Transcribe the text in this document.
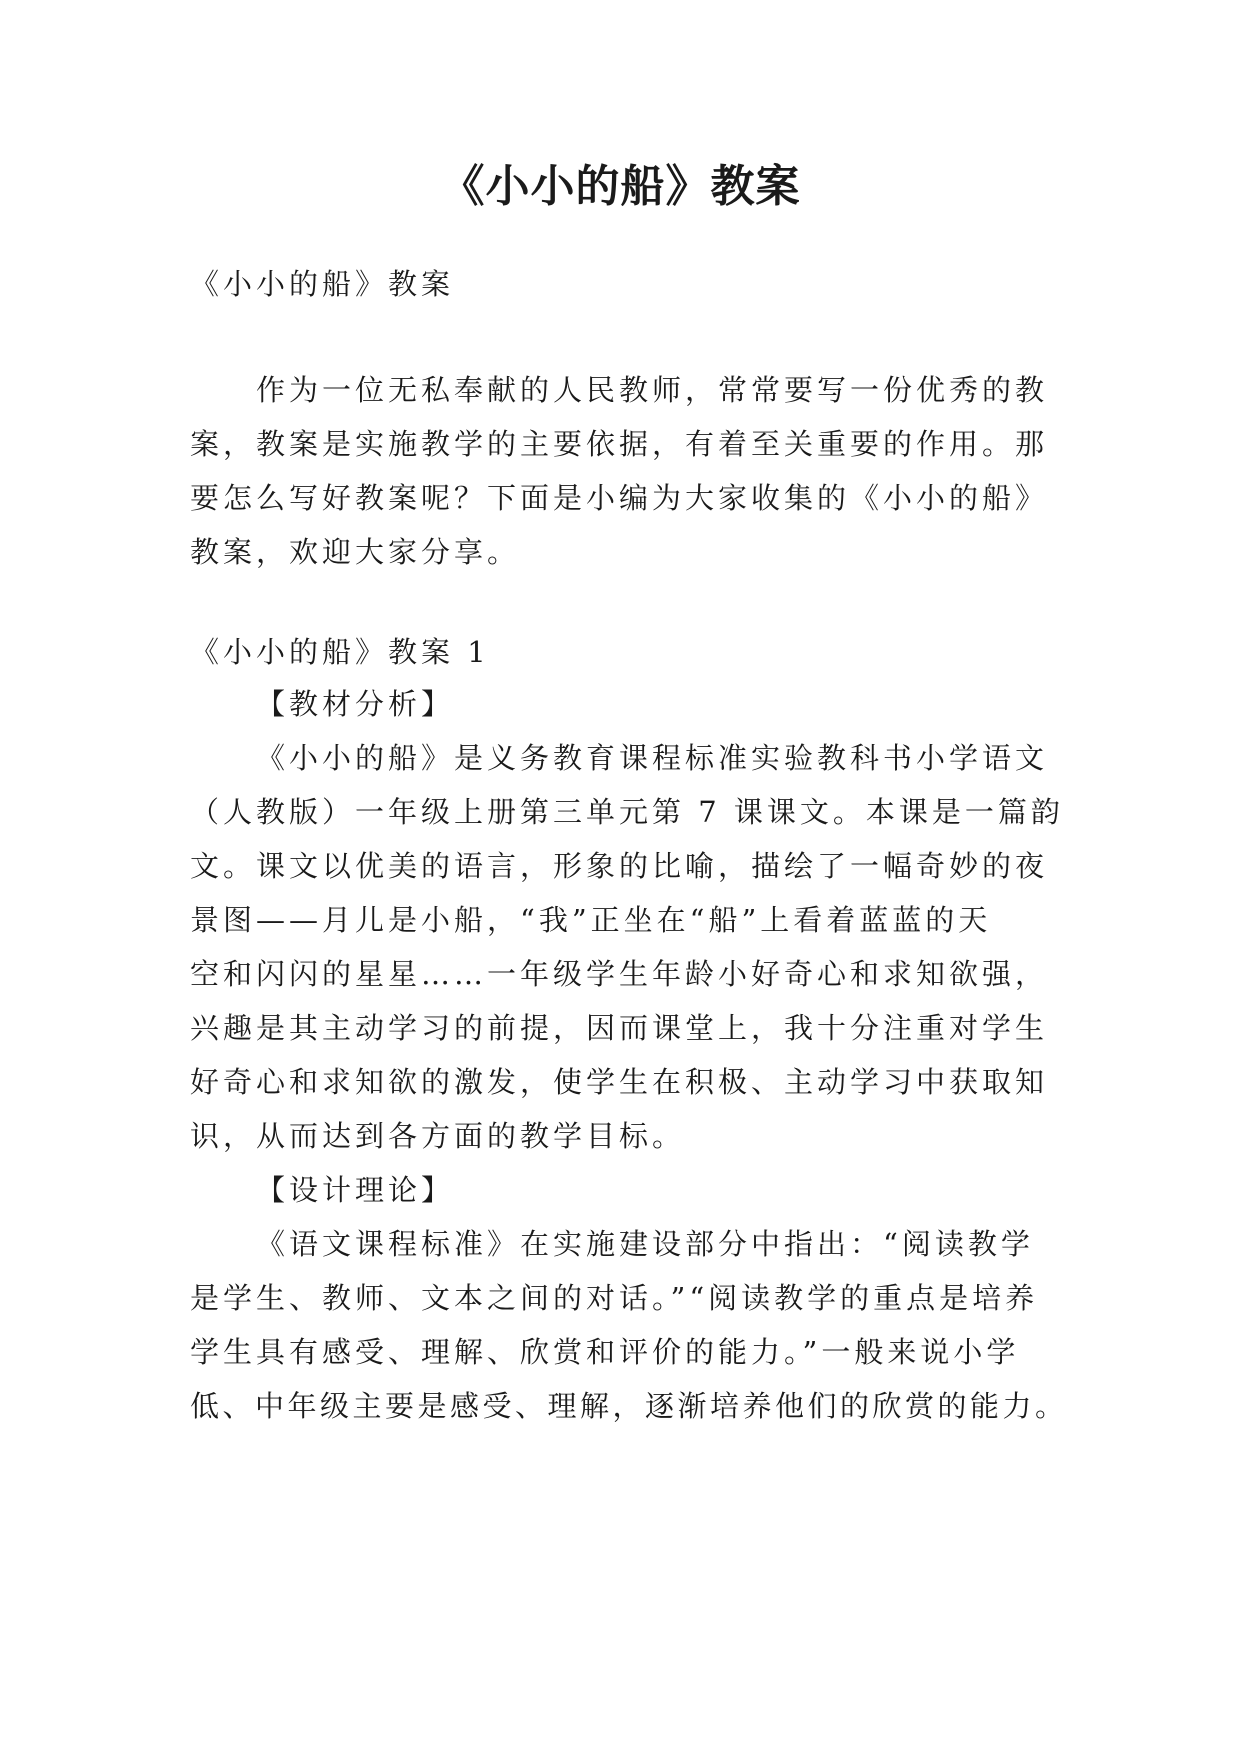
《小小的船》教案
《小小的船》教案
作为一位无私奉献的人民教师，常常要写一份优秀的教
案，教案是实施教学的主要依据，有着至关重要的作用。那
要怎么写好教案呢？下面是小编为大家收集的《小小的船》
教案，欢迎大家分享。
《小小的船》教案 1
【教材分析】
《小小的船》是义务教育课程标准实验教科书小学语文
（人教版）一年级上册第三单元第 7 课课文。本课是一篇韵
文。课文以优美的语言，形象的比喻，描绘了一幅奇妙的夜
景图——月儿是小船，“我”正坐在“船”上看着蓝蓝的天
空和闪闪的星星……一年级学生年龄小好奇心和求知欲强，
兴趣是其主动学习的前提，因而课堂上，我十分注重对学生
好奇心和求知欲的激发，使学生在积极、主动学习中获取知
识，从而达到各方面的教学目标。
【设计理论】
《语文课程标准》在实施建设部分中指出：“阅读教学
是学生、教师、文本之间的对话。”“阅读教学的重点是培养
学生具有感受、理解、欣赏和评价的能力。”一般来说小学
低、中年级主要是感受、理解，逐渐培养他们的欣赏的能力。
